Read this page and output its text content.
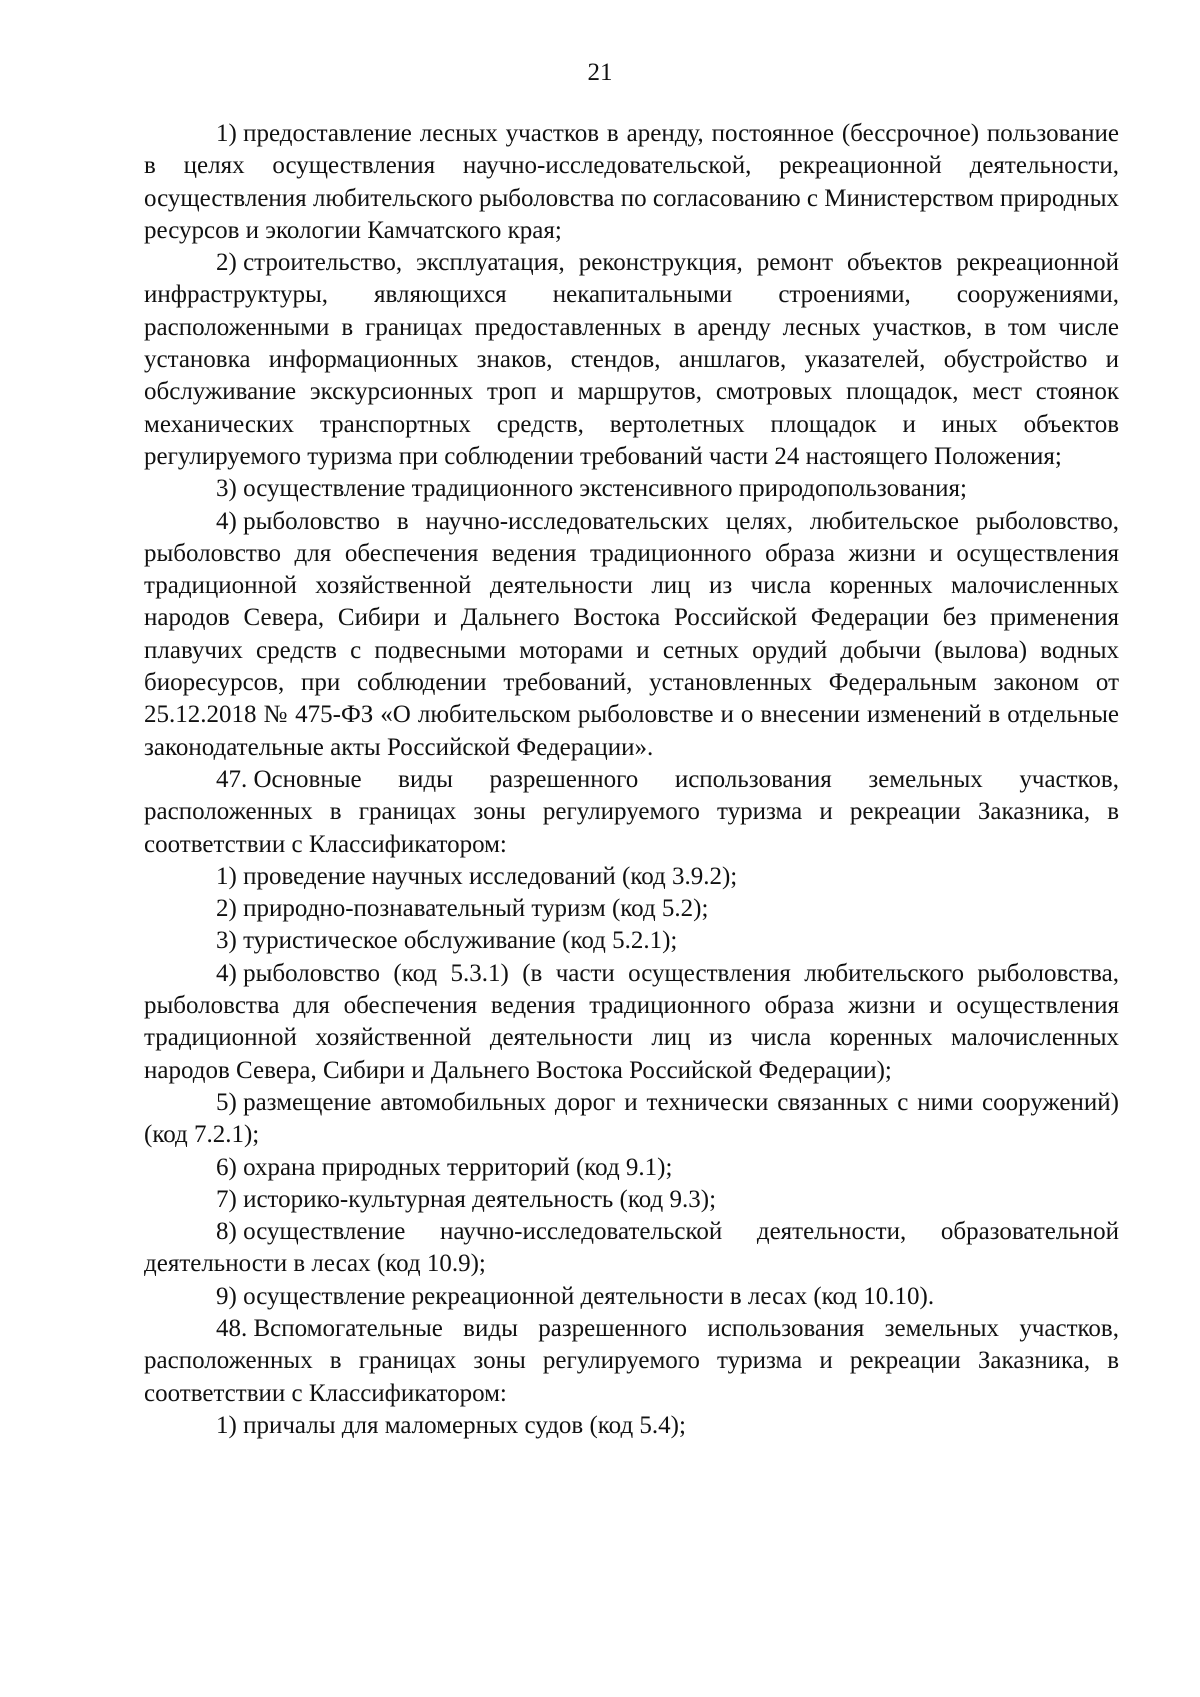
21

1) предоставление лесных участков в аренду, постоянное (бессрочное) пользование в целях осуществления научно-исследовательской, рекреационной деятельности, осуществления любительского рыболовства по согласованию с Министерством природных ресурсов и экологии Камчатского края;

2) строительство, эксплуатация, реконструкция, ремонт объектов рекреационной инфраструктуры, являющихся некапитальными строениями, сооружениями, расположенными в границах предоставленных в аренду лесных участков, в том числе установка информационных знаков, стендов, аншлагов, указателей, обустройство и обслуживание экскурсионных троп и маршрутов, смотровых площадок, мест стоянок механических транспортных средств, вертолетных площадок и иных объектов регулируемого туризма при соблюдении требований части 24 настоящего Положения;

3) осуществление традиционного экстенсивного природопользования;

4) рыболовство в научно-исследовательских целях, любительское рыболовство, рыболовство для обеспечения ведения традиционного образа жизни и осуществления традиционной хозяйственной деятельности лиц из числа коренных малочисленных народов Севера, Сибири и Дальнего Востока Российской Федерации без применения плавучих средств с подвесными моторами и сетных орудий добычи (вылова) водных биоресурсов, при соблюдении требований, установленных Федеральным законом от 25.12.2018 № 475-ФЗ «О любительском рыболовстве и о внесении изменений в отдельные законодательные акты Российской Федерации».

47. Основные виды разрешенного использования земельных участков, расположенных в границах зоны регулируемого туризма и рекреации Заказника, в соответствии с Классификатором:

1) проведение научных исследований (код 3.9.2);

2) природно-познавательный туризм (код 5.2);

3) туристическое обслуживание (код 5.2.1);

4) рыболовство (код 5.3.1) (в части осуществления любительского рыболовства, рыболовства для обеспечения ведения традиционного образа жизни и осуществления традиционной хозяйственной деятельности лиц из числа коренных малочисленных народов Севера, Сибири и Дальнего Востока Российской Федерации);

5) размещение автомобильных дорог и технически связанных с ними сооружений) (код 7.2.1);

6) охрана природных территорий (код 9.1);

7) историко-культурная деятельность (код 9.3);

8) осуществление научно-исследовательской деятельности, образовательной деятельности в лесах (код 10.9);

9) осуществление рекреационной деятельности в лесах (код 10.10).

48. Вспомогательные виды разрешенного использования земельных участков, расположенных в границах зоны регулируемого туризма и рекреации Заказника, в соответствии с Классификатором:

1) причалы для маломерных судов (код 5.4);
